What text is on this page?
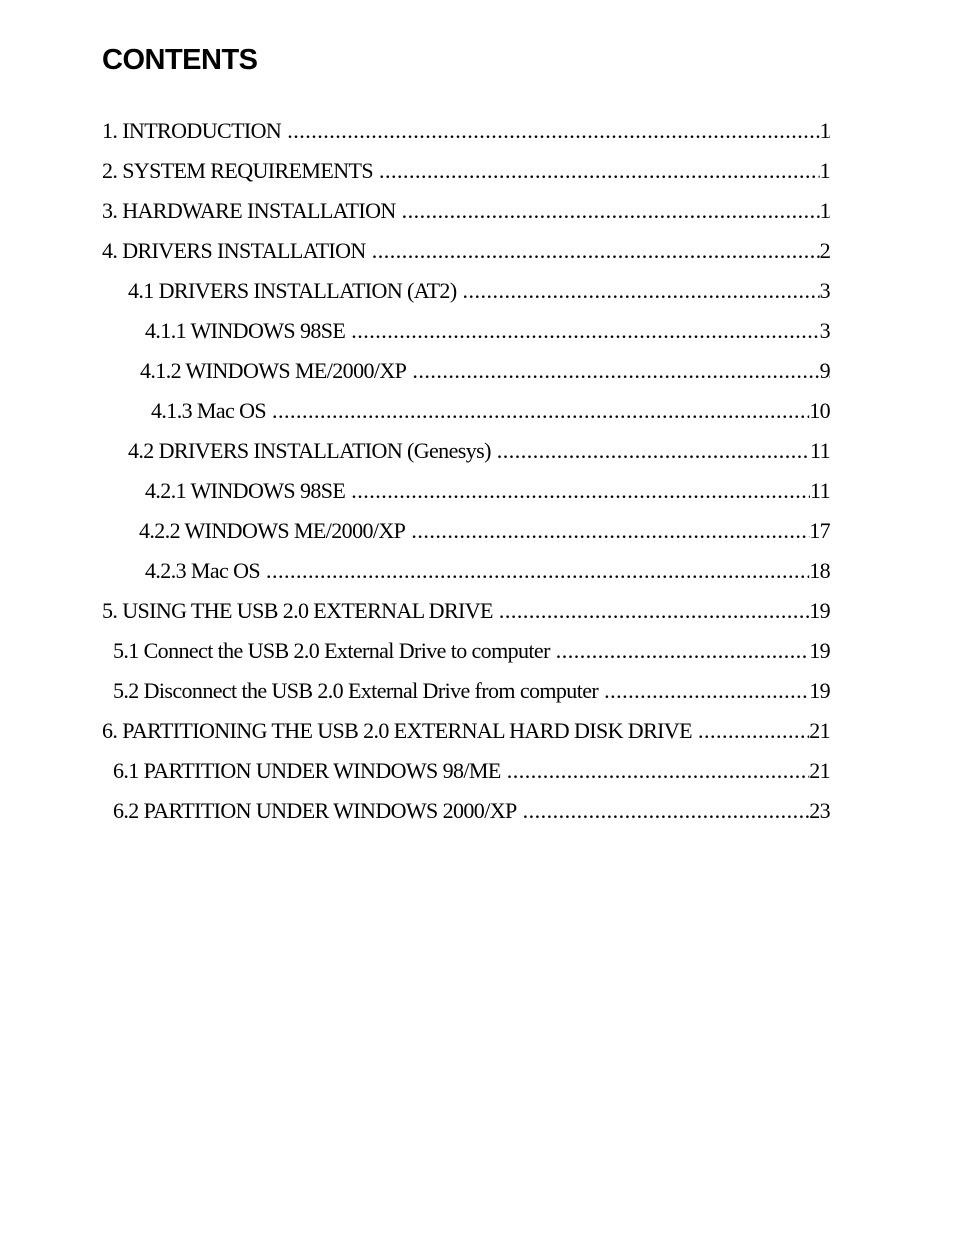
CONTENTS
1. INTRODUCTION .....	1
2. SYSTEM REQUIREMENTS .....	1
3. HARDWARE INSTALLATION .....	1
4. DRIVERS INSTALLATION .....	2
4.1 DRIVERS INSTALLATION (AT2) .....	3
4.1.1 WINDOWS 98SE .....	3
4.1.2 WINDOWS ME/2000/XP .....	9
4.1.3 Mac OS .....	10
4.2 DRIVERS INSTALLATION (Genesys) .....	11
4.2.1 WINDOWS 98SE .....	11
4.2.2 WINDOWS ME/2000/XP .....	17
4.2.3 Mac OS .....	18
5. USING THE USB 2.0 EXTERNAL DRIVE .....	19
5.1 Connect the USB 2.0 External Drive to computer .....	19
5.2 Disconnect the USB 2.0 External Drive from computer .....	19
6. PARTITIONING THE USB 2.0 EXTERNAL HARD DISK DRIVE .....	21
6.1 PARTITION UNDER WINDOWS 98/ME .....	21
6.2 PARTITION UNDER WINDOWS 2000/XP .....	23
